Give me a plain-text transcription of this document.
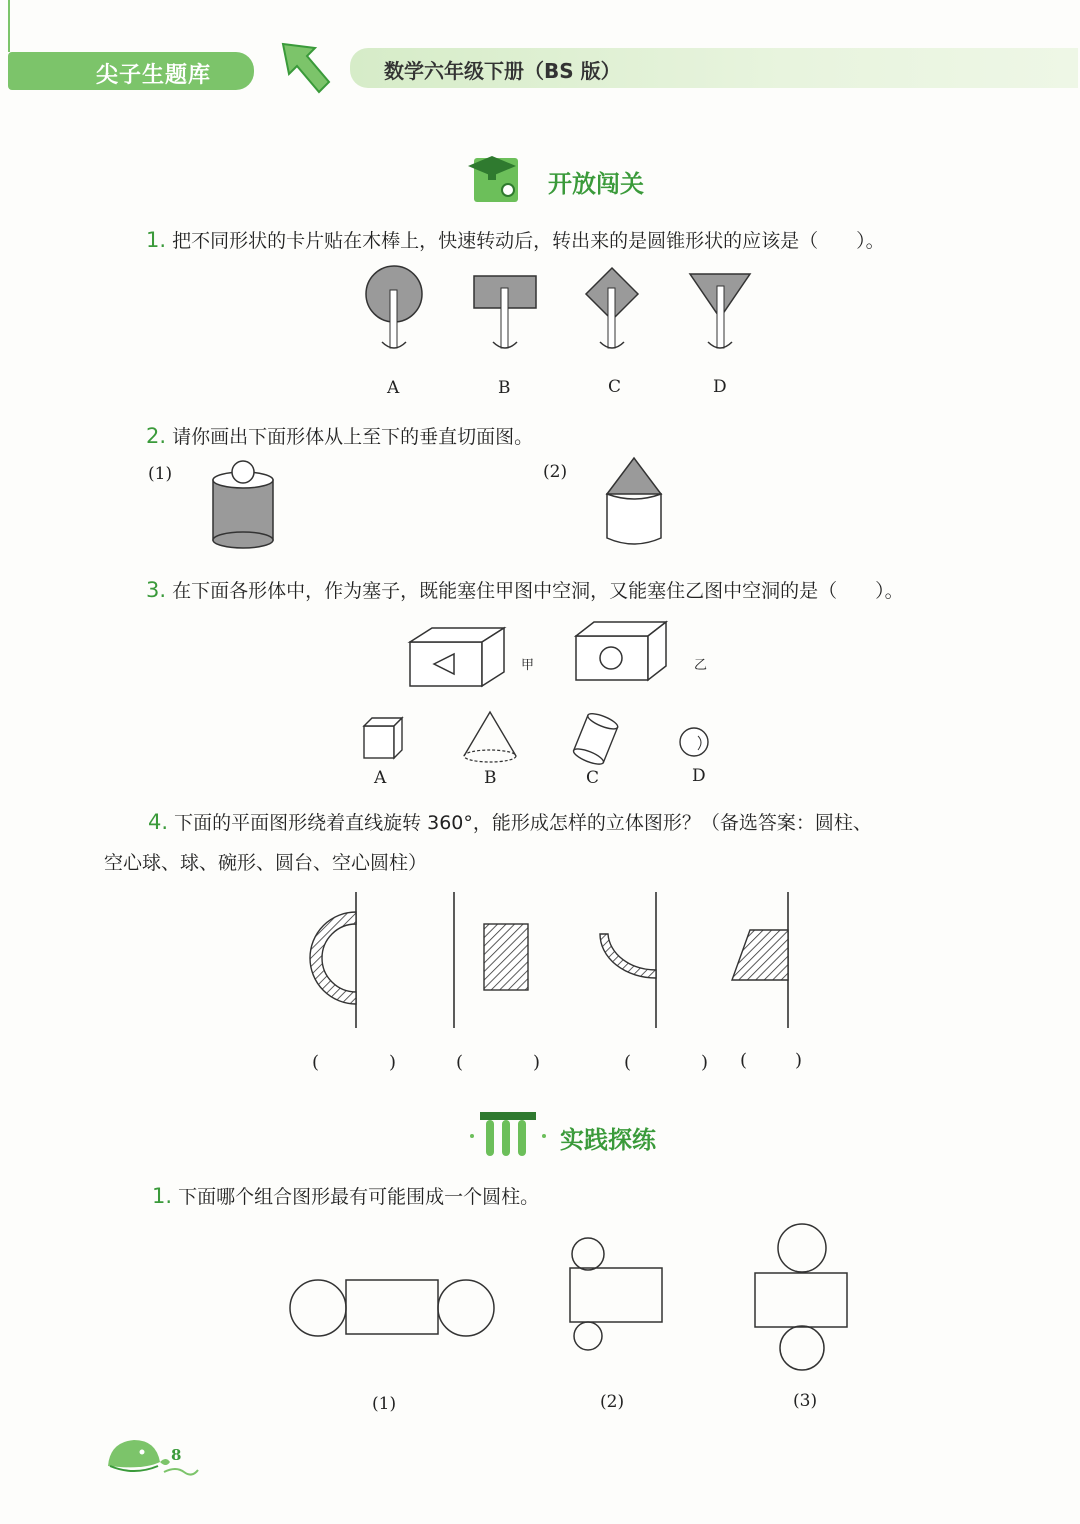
尖子生题库	数学六年级下册（BS 版）
开放闯关
1. 把不同形状的卡片贴在木棒上，快速转动后，转出来的是圆锥形状的应该是（　　）。
A	B	C	D
2. 请你画出下面形体从上至下的垂直切面图。
(1)	(2)
3. 在下面各形体中，作为塞子，既能塞住甲图中空洞，又能塞住乙图中空洞的是（　　）。
甲	乙
A	B	C	D
4. 下面的平面图形绕着直线旋转 360°，能形成怎样的立体图形？（备选答案：圆柱、
空心球、球、碗形、圆台、空心圆柱）
(　　　)	(　　　)	(　　　) (　　)
实践探练
1. 下面哪个组合图形最有可能围成一个圆柱。
(1)	(2)	(3)
8
